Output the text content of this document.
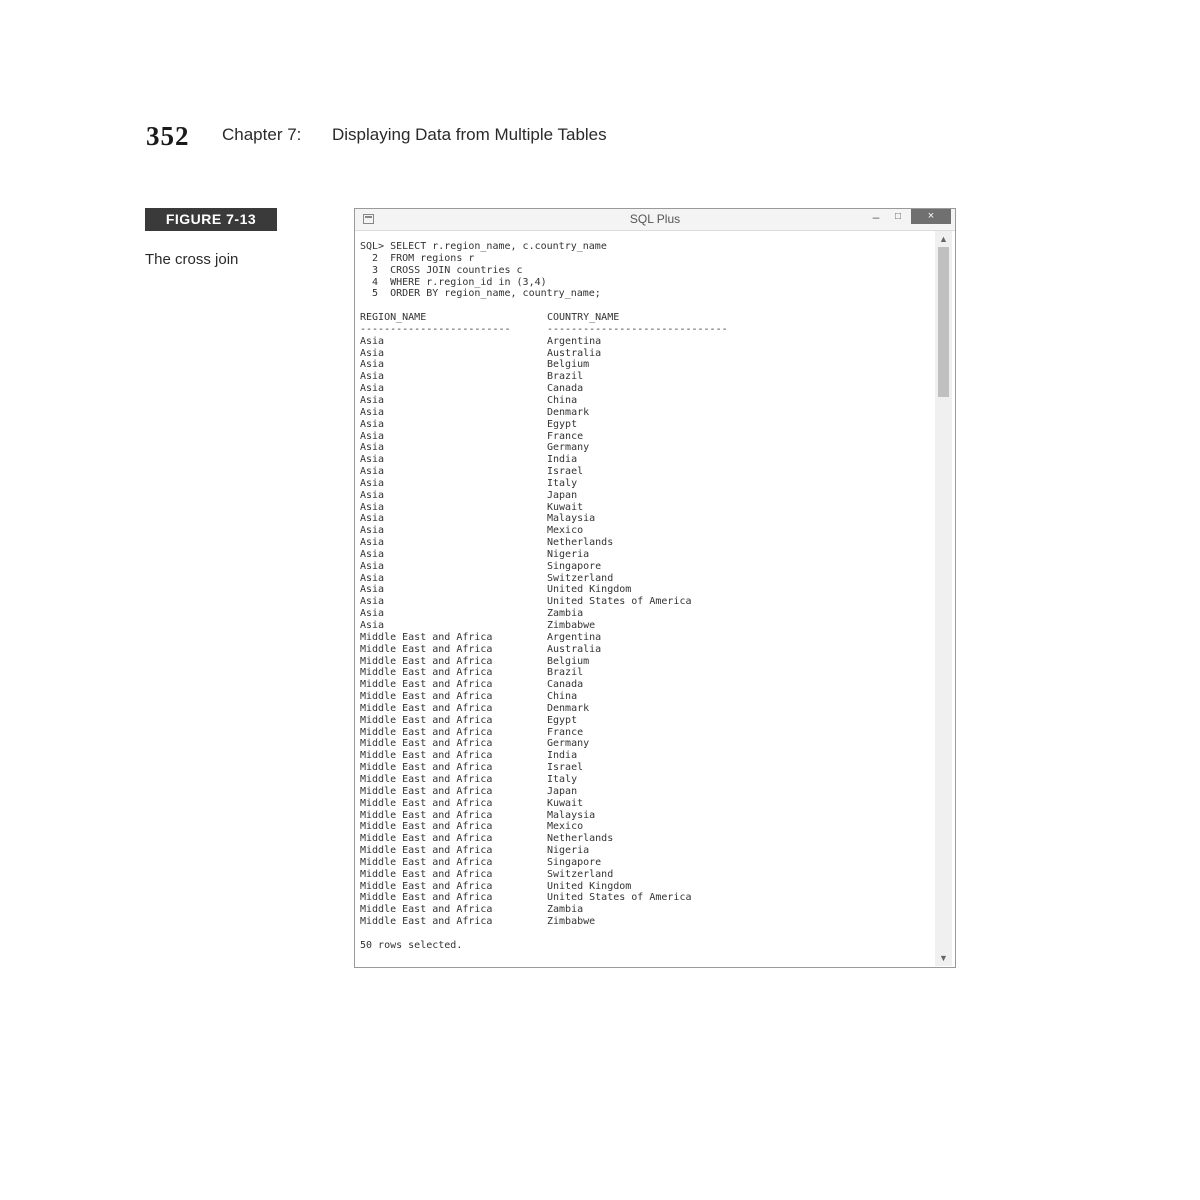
352 Chapter 7: Displaying Data from Multiple Tables
FIGURE 7-13
The cross join
SQL Plus	–	□	×
SQL> SELECT r.region_name, c.country_name
2  FROM regions r
3  CROSS JOIN countries c
4  WHERE r.region_id in (3,4)
5  ORDER BY region_name, country_name;
REGION_NAME	COUNTRY_NAME
-------------------------	------------------------------
Asia	Argentina
Asia	Australia
Asia	Belgium
Asia	Brazil
Asia	Canada
Asia	China
Asia	Denmark
Asia	Egypt
Asia	France
Asia	Germany
Asia	India
Asia	Israel
Asia	Italy
Asia	Japan
Asia	Kuwait
Asia	Malaysia
Asia	Mexico
Asia	Netherlands
Asia	Nigeria
Asia	Singapore
Asia	Switzerland
Asia	United Kingdom
Asia	United States of America
Asia	Zambia
Asia	Zimbabwe
Middle East and Africa	Argentina
Middle East and Africa	Australia
Middle East and Africa	Belgium
Middle East and Africa	Brazil
Middle East and Africa	Canada
Middle East and Africa	China
Middle East and Africa	Denmark
Middle East and Africa	Egypt
Middle East and Africa	France
Middle East and Africa	Germany
Middle East and Africa	India
Middle East and Africa	Israel
Middle East and Africa	Italy
Middle East and Africa	Japan
Middle East and Africa	Kuwait
Middle East and Africa	Malaysia
Middle East and Africa	Mexico
Middle East and Africa	Netherlands
Middle East and Africa	Nigeria
Middle East and Africa	Singapore
Middle East and Africa	Switzerland
Middle East and Africa	United Kingdom
Middle East and Africa	United States of America
Middle East and Africa	Zambia
Middle East and Africa	Zimbabwe
50 rows selected.
▲
▼
